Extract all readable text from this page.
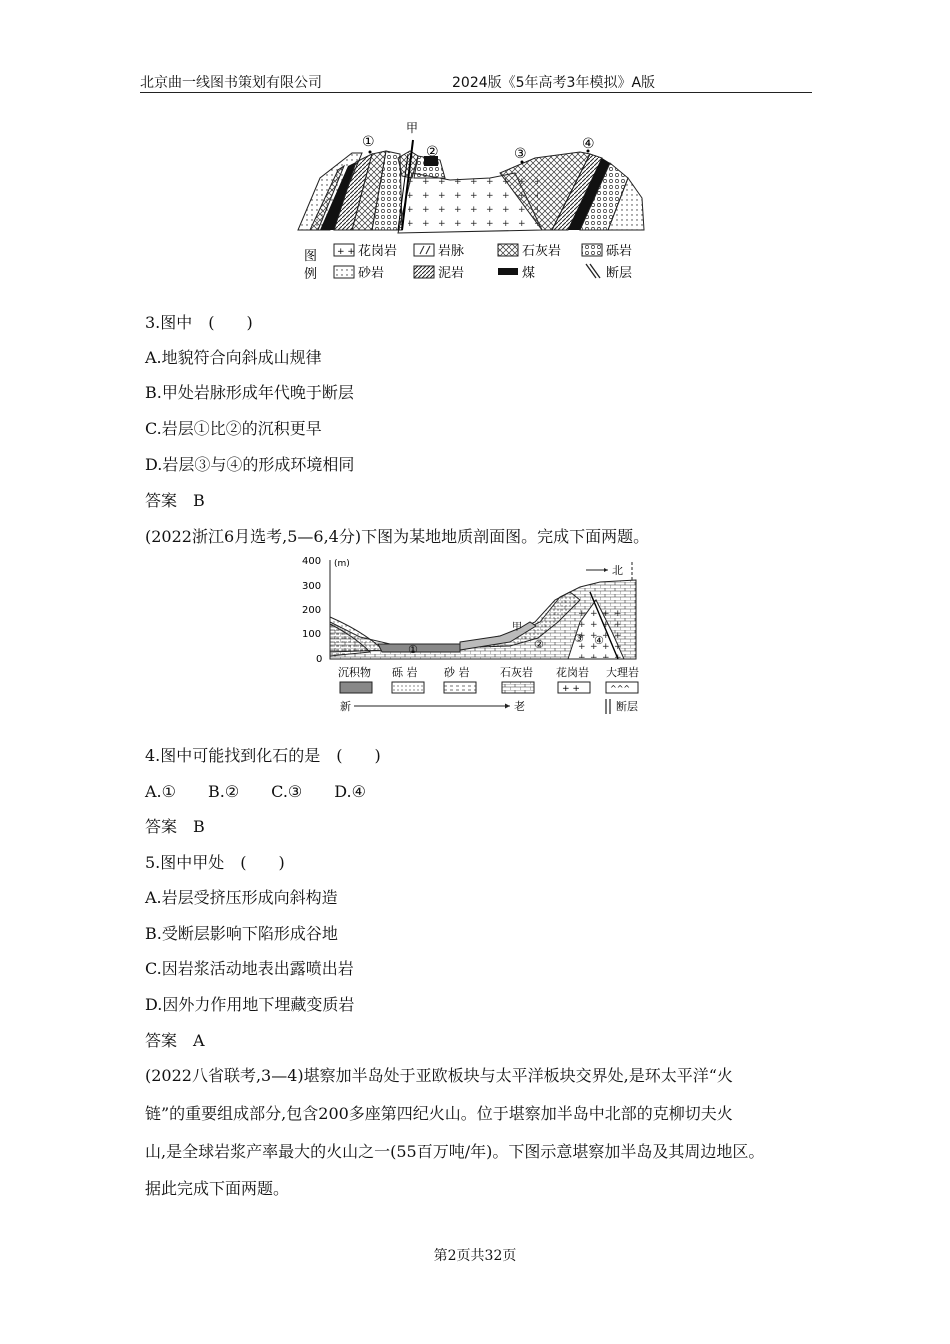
北京曲一线图书策划有限公司	2024版《5年高考3年模拟》A版
①
甲
②	③
④
图
例
+ + 花岗岩	岩脉	石灰岩	砾岩
砂岩	泥岩	煤	断层
3.图中　(　　)
A.地貌符合向斜成山规律
B.甲处岩脉形成年代晚于断层
C.岩层①比②的沉积更早
D.岩层③与④的形成环境相同
答案　B
(2022浙江6月选考,5—6,4分)下图为某地地质剖面图。完成下面两题。
400
300
200
100
0
(m)	北
①
甲
②	③ ④
沉积物 砾 岩 砂 岩	石灰岩 花岗岩 大理岩
+ +	^^^
新	老	断层
4.图中可能找到化石的是　(　　)
A.①　　B.②　　C.③　　D.④
答案　B
5.图中甲处　(　　)
A.岩层受挤压形成向斜构造
B.受断层影响下陷形成谷地
C.因岩浆活动地表出露喷出岩
D.因外力作用地下埋藏变质岩
答案　A
(2022八省联考,3—4)堪察加半岛处于亚欧板块与太平洋板块交界处,是环太平洋“火
链”的重要组成部分,包含200多座第四纪火山。位于堪察加半岛中北部的克柳切夫火
山,是全球岩浆产率最大的火山之一(55百万吨/年)。下图示意堪察加半岛及其周边地区。
据此完成下面两题。
第2页共32页
